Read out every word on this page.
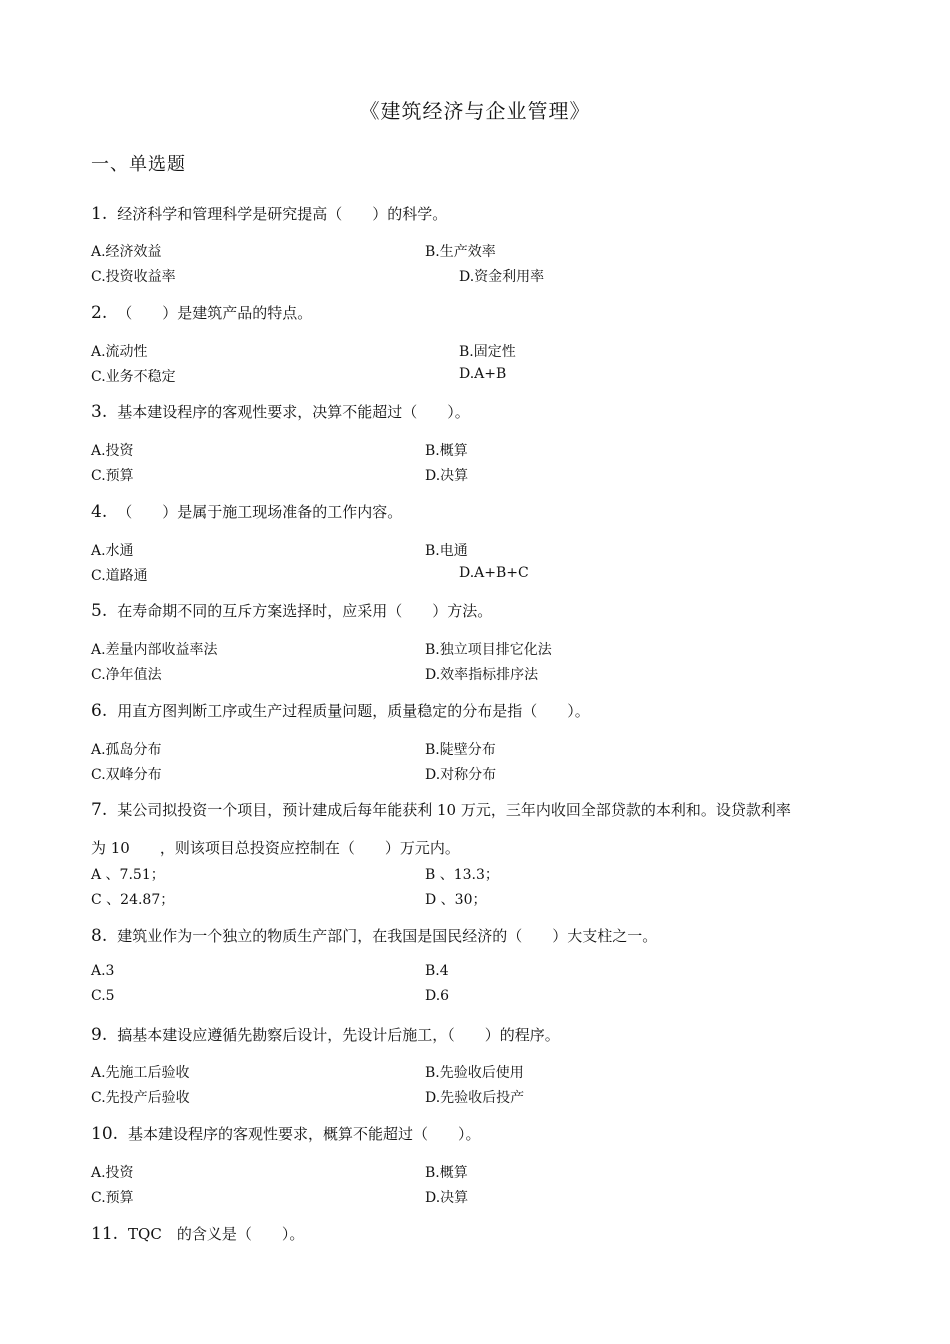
《建筑经济与企业管理》
一、单选题
1. 经济科学和管理科学是研究提高（　　）的科学。
A.经济效益	B.生产效率
C.投资收益率	D.资金利用率
2. （　　）是建筑产品的特点。
A.流动性	B.固定性
C.业务不稳定	D.A+B
3. 基本建设程序的客观性要求，决算不能超过（　　）。
A.投资	B.概算
C.预算	D.决算
4. （　　）是属于施工现场准备的工作内容。
A.水通	B.电通
C.道路通	D.A+B+C
5. 在寿命期不同的互斥方案选择时，应采用（　　）方法。
A.差量内部收益率法	B.独立项目排它化法
C.净年值法	D.效率指标排序法
6. 用直方图判断工序或生产过程质量问题，质量稳定的分布是指（　　）。
A.孤岛分布	B.陡壁分布
C.双峰分布	D.对称分布
7. 某公司拟投资一个项目，预计建成后每年能获利 10 万元，三年内收回全部贷款的本利和。设贷款利率
为 10　　，则该项目总投资应控制在（　　）万元内。
A 、7.51；	B 、13.3；
C 、24.87；	D 、30；
8. 建筑业作为一个独立的物质生产部门，在我国是国民经济的（　　）大支柱之一。
A.3	B.4
C.5	D.6
9. 搞基本建设应遵循先勘察后设计，先设计后施工，（　　）的程序。
A.先施工后验收	B.先验收后使用
C.先投产后验收	D.先验收后投产
10. 基本建设程序的客观性要求，概算不能超过（　　）。
A.投资	B.概算
C.预算	D.决算
11. TQC　的含义是（　　）。
